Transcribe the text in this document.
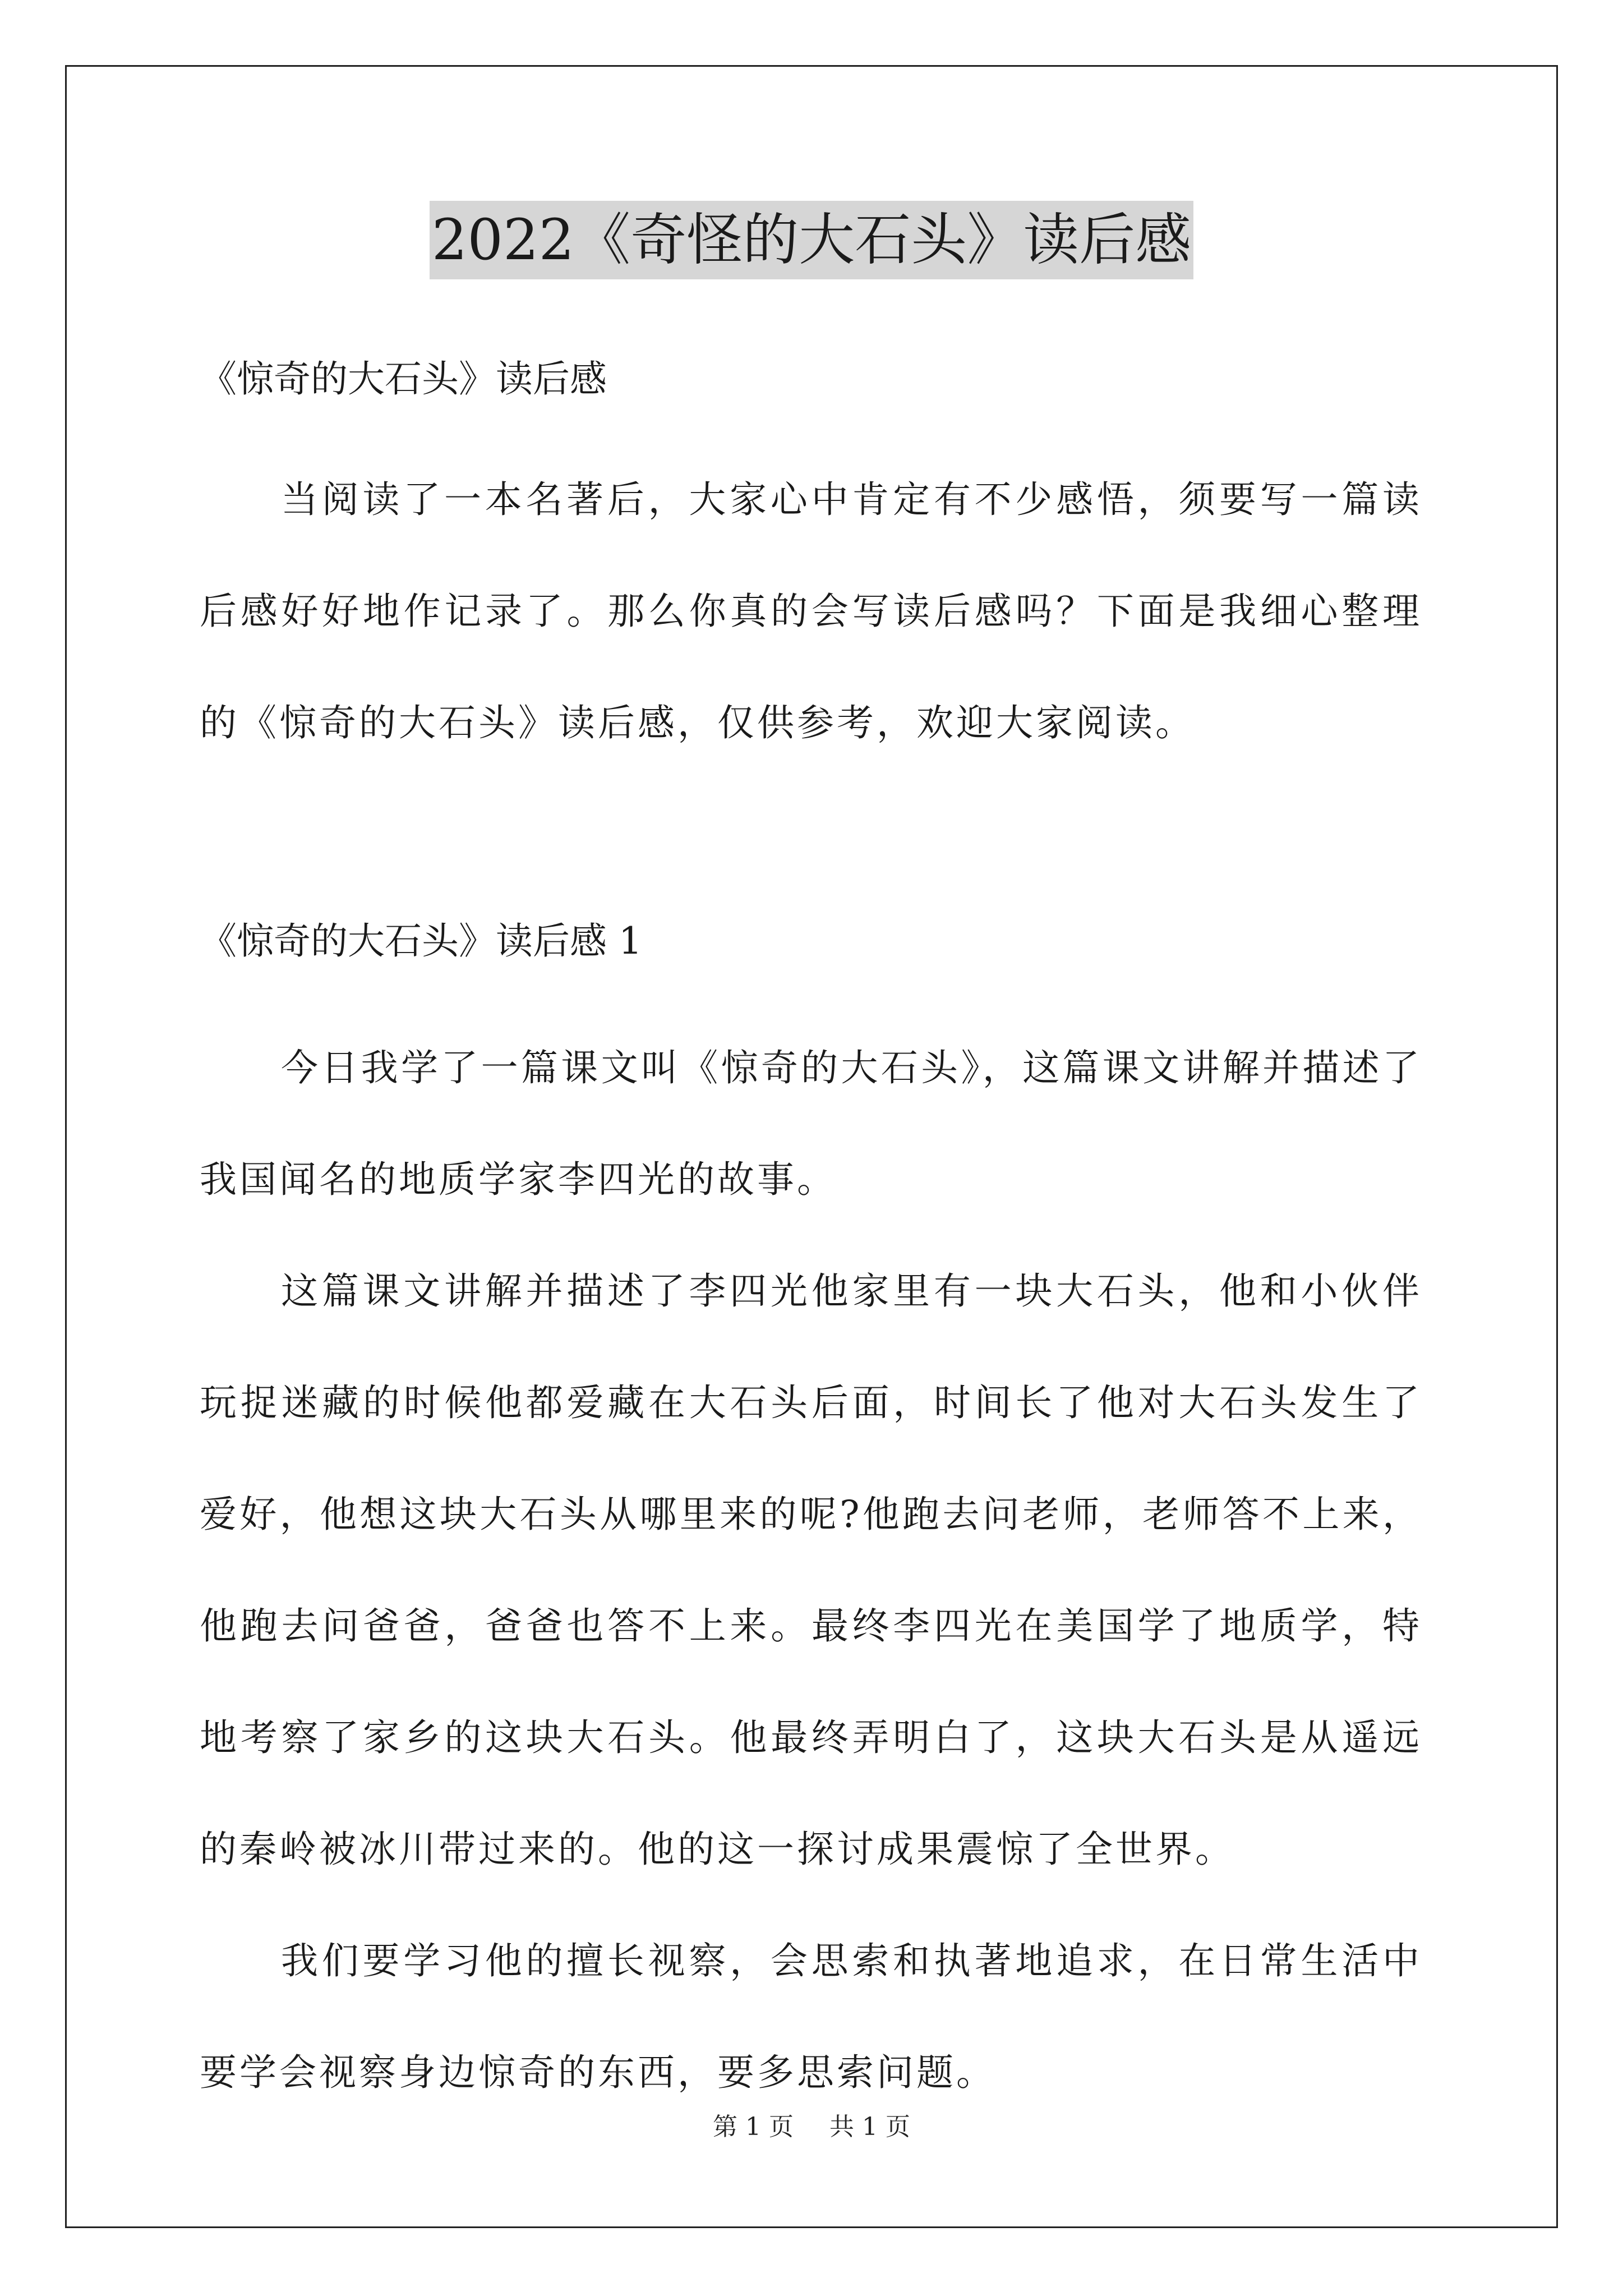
2022《奇怪的大石头》读后感

《惊奇的大石头》读后感

当阅读了一本名著后，大家心中肯定有不少感悟，须要写一篇读后感好好地作记录了。那么你真的会写读后感吗？下面是我细心整理的《惊奇的大石头》读后感，仅供参考，欢迎大家阅读。

《惊奇的大石头》读后感 1

今日我学了一篇课文叫《惊奇的大石头》，这篇课文讲解并描述了我国闻名的地质学家李四光的故事。

这篇课文讲解并描述了李四光他家里有一块大石头，他和小伙伴玩捉迷藏的时候他都爱藏在大石头后面，时间长了他对大石头发生了爱好，他想这块大石头从哪里来的呢?他跑去问老师，老师答不上来，他跑去问爸爸，爸爸也答不上来。最终李四光在美国学了地质学，特地考察了家乡的这块大石头。他最终弄明白了，这块大石头是从遥远的秦岭被冰川带过来的。他的这一探讨成果震惊了全世界。

我们要学习他的擅长视察，会思索和执著地追求，在日常生活中要学会视察身边惊奇的东西，要多思索问题。

第 1 页 共 1 页
